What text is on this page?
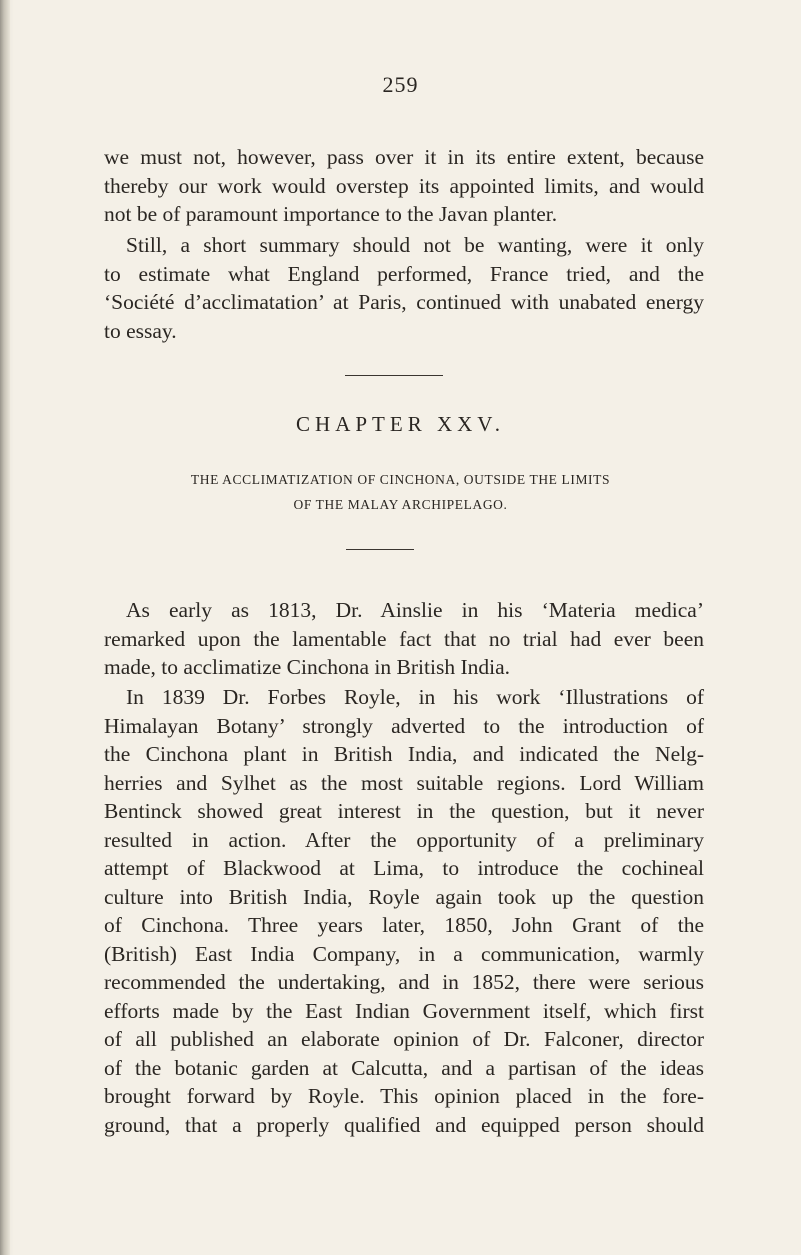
259
we must not, however, pass over it in its entire extent, because
thereby our work would overstep its appointed limits, and would
not be of paramount importance to the Javan planter.
Still, a short summary should not be wanting, were it only
to estimate what England performed, France tried, and the
‘Société d’acclimatation’ at Paris, continued with unabated energy
to essay.
CHAPTER XXV.
THE ACCLIMATIZATION OF CINCHONA, OUTSIDE THE LIMITS
OF THE MALAY ARCHIPELAGO.
As early as 1813, Dr. Ainslie in his ‘Materia medica’
remarked upon the lamentable fact that no trial had ever been
made, to acclimatize Cinchona in British India.
In 1839 Dr. Forbes Royle, in his work ‘Illustrations of
Himalayan Botany’ strongly adverted to the introduction of
the Cinchona plant in British India, and indicated the Nelg-
herries and Sylhet as the most suitable regions. Lord William
Bentinck showed great interest in the question, but it never
resulted in action. After the opportunity of a preliminary
attempt of Blackwood at Lima, to introduce the cochineal
culture into British India, Royle again took up the question
of Cinchona. Three years later, 1850, John Grant of the
(British) East India Company, in a communication, warmly
recommended the undertaking, and in 1852, there were serious
efforts made by the East Indian Government itself, which first
of all published an elaborate opinion of Dr. Falconer, director
of the botanic garden at Calcutta, and a partisan of the ideas
brought forward by Royle. This opinion placed in the fore-
ground, that a properly qualified and equipped person should
